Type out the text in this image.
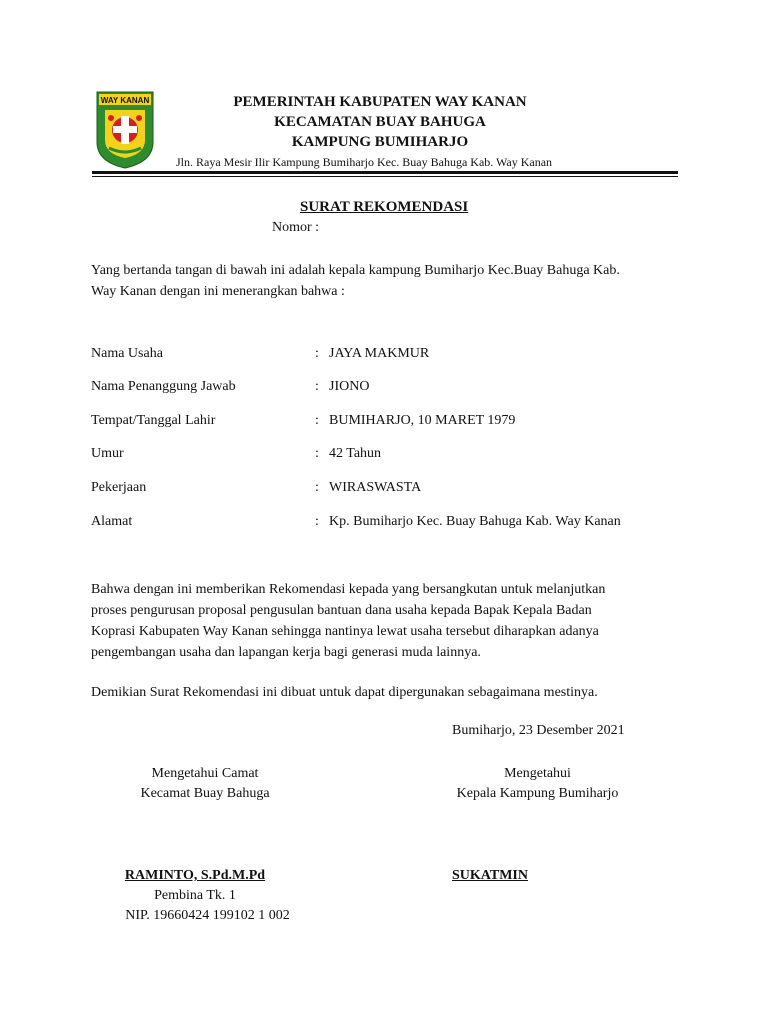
WAY KANAN	PEMERINTAH KABUPATEN WAY KANAN
KECAMATAN BUAY BAHUGA
KAMPUNG BUMIHARJO
Jln. Raya Mesir Ilir Kampung Bumiharjo Kec. Buay Bahuga Kab. Way Kanan
SURAT REKOMENDASI
Nomor :
Yang bertanda tangan di bawah ini adalah kepala kampung Bumiharjo Kec.Buay Bahuga Kab.
Way Kanan dengan ini menerangkan bahwa :
Nama Usaha	: JAYA MAKMUR
Nama Penanggung Jawab	: JIONO
Tempat/Tanggal Lahir	: BUMIHARJO, 10 MARET 1979
Umur	: 42 Tahun
Pekerjaan	: WIRASWASTA
Alamat	: Kp. Bumiharjo Kec. Buay Bahuga Kab. Way Kanan
Bahwa dengan ini memberikan Rekomendasi kepada yang bersangkutan untuk melanjutkan
proses pengurusan proposal pengusulan bantuan dana usaha kepada Bapak Kepala Badan
Koprasi Kabupaten Way Kanan sehingga nantinya lewat usaha tersebut diharapkan adanya
pengembangan usaha dan lapangan kerja bagi generasi muda lainnya.
Demikian Surat Rekomendasi ini dibuat untuk dapat dipergunakan sebagaimana mestinya.
Bumiharjo, 23 Desember 2021
Mengetahui Camat
Kecamat Buay Bahuga
RAMINTO, S.Pd.M.Pd
Pembina Tk. 1
NIP. 19660424 199102 1 002
Mengetahui
Kepala Kampung Bumiharjo
SUKATMIN
